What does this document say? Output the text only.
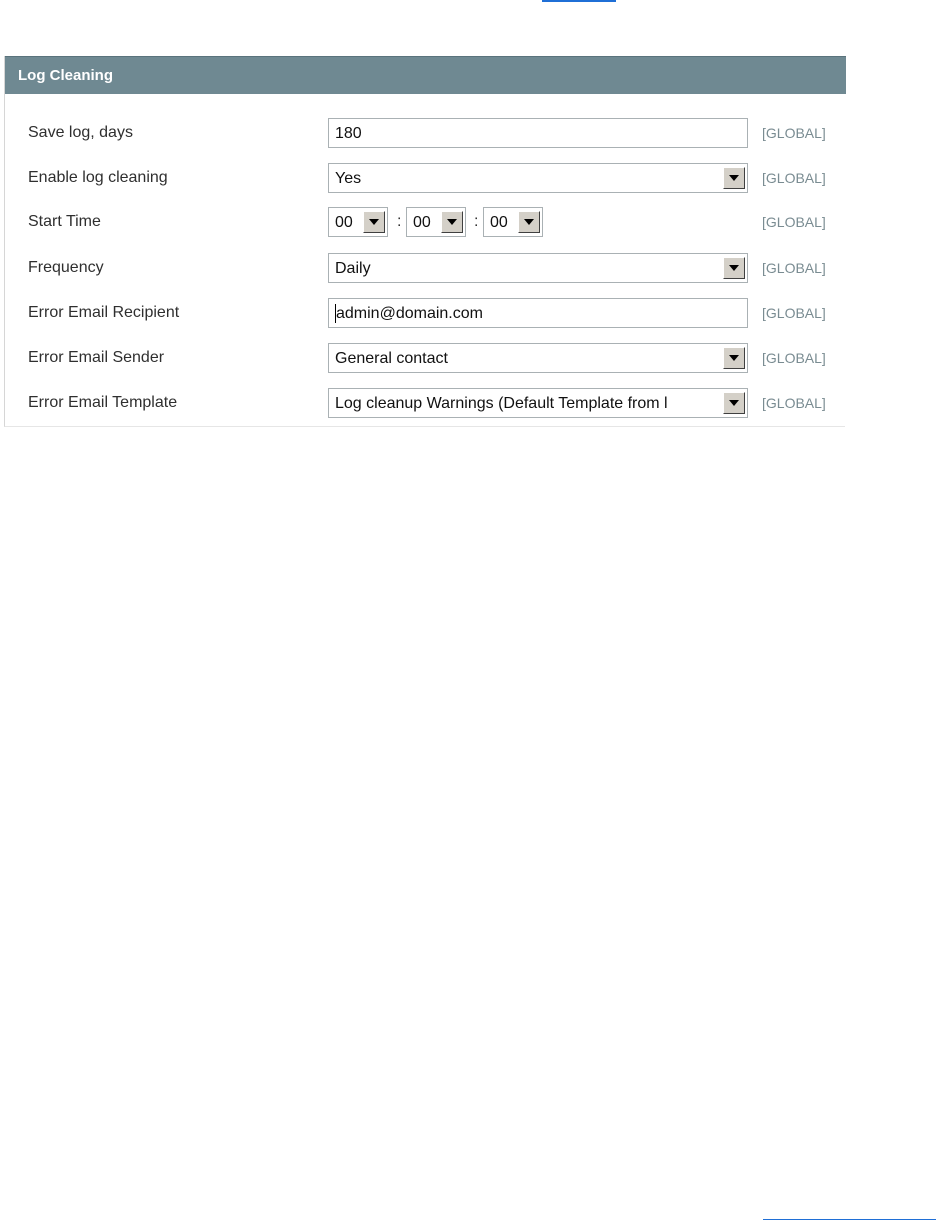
Log Cleaning
Save log, days	180	[GLOBAL]
Enable log cleaning	Yes	[GLOBAL]
Start Time	00	: 00	: 00	[GLOBAL]
Frequency	Daily	[GLOBAL]
Error Email Recipient	admin@domain.com	[GLOBAL]
Error Email Sender	General contact	[GLOBAL]
Error Email Template	Log cleanup Warnings (Default Template from l	[GLOBAL]
